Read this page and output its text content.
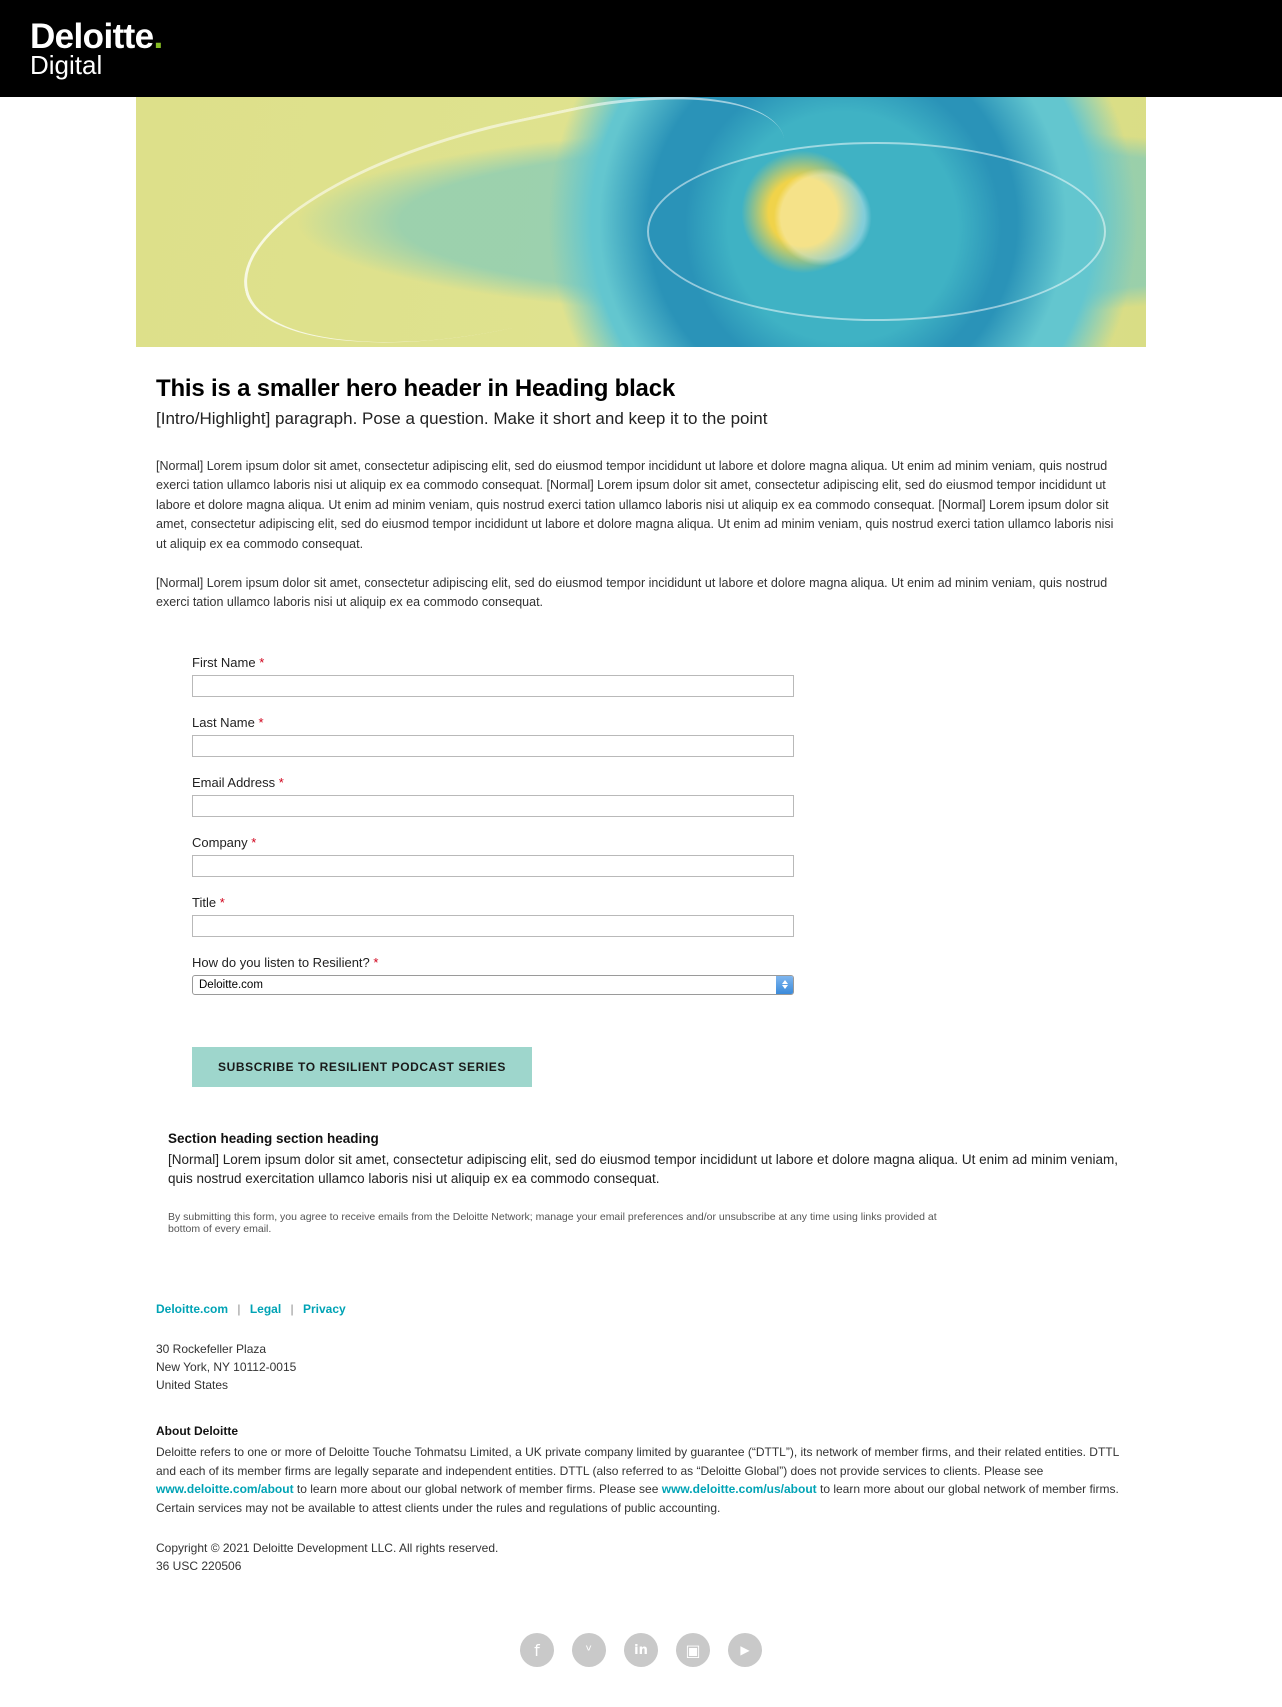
Deloitte.
Digital
This is a smaller hero header in Heading black

[Intro/Highlight] paragraph. Pose a question. Make it short and keep it to the point

[Normal] Lorem ipsum dolor sit amet, consectetur adipiscing elit, sed do eiusmod tempor incididunt ut labore et dolore magna aliqua. Ut enim ad minim veniam, quis nostrud exerci tation ullamco laboris nisi ut aliquip ex ea commodo consequat. [Normal] Lorem ipsum dolor sit amet, consectetur adipiscing elit, sed do eiusmod tempor incididunt ut labore et dolore magna aliqua. Ut enim ad minim veniam, quis nostrud exerci tation ullamco laboris nisi ut aliquip ex ea commodo consequat. [Normal] Lorem ipsum dolor sit amet, consectetur adipiscing elit, sed do eiusmod tempor incididunt ut labore et dolore magna aliqua. Ut enim ad minim veniam, quis nostrud exerci tation ullamco laboris nisi ut aliquip ex ea commodo consequat.

[Normal] Lorem ipsum dolor sit amet, consectetur adipiscing elit, sed do eiusmod tempor incididunt ut labore et dolore magna aliqua. Ut enim ad minim veniam, quis nostrud exerci tation ullamco laboris nisi ut aliquip ex ea commodo consequat.

First Name *
Last Name *
Email Address *
Company *
Title *
How do you listen to Resilient? *
Deloitte.com
SUBSCRIBE TO RESILIENT PODCAST SERIES
Section heading section heading

[Normal] Lorem ipsum dolor sit amet, consectetur adipiscing elit, sed do eiusmod tempor incididunt ut labore et dolore magna aliqua. Ut enim ad minim veniam, quis nostrud exercitation ullamco laboris nisi ut aliquip ex ea commodo consequat.

By submitting this form, you agree to receive emails from the Deloitte Network; manage your email preferences and/or unsubscribe at any time using links provided at bottom of every email.
Deloitte.com | Legal | Privacy
30 Rockefeller Plaza
New York, NY 10112-0015
United States
About Deloitte
Deloitte refers to one or more of Deloitte Touche Tohmatsu Limited, a UK private company limited by guarantee (“DTTL”), its network of member firms, and their related entities. DTTL and each of its member firms are legally separate and independent entities. DTTL (also referred to as “Deloitte Global”) does not provide services to clients. Please see www.deloitte.com/about to learn more about our global network of member firms. Please see www.deloitte.com/us/about to learn more about our global network of member firms. Certain services may not be available to attest clients under the rules and regulations of public accounting.
Copyright © 2021 Deloitte Development LLC. All rights reserved.
36 USC 220506
f	ᵛ	in	▣	▶
